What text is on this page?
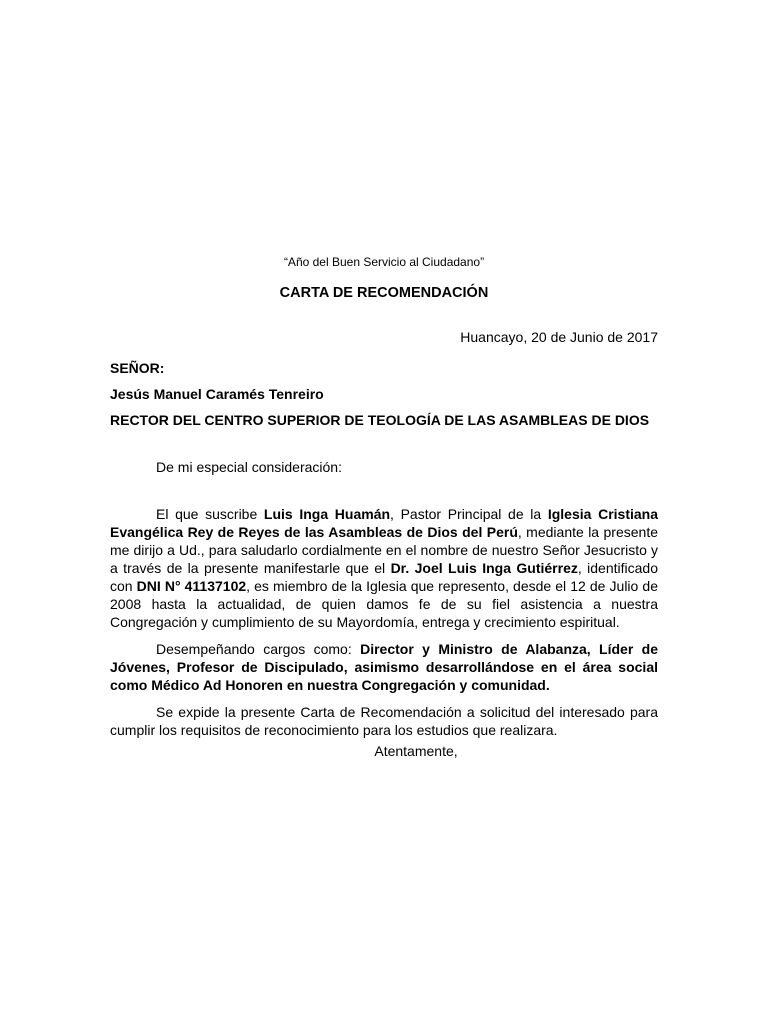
“Año del Buen Servicio al Ciudadano”

CARTA DE RECOMENDACIÓN

Huancayo, 20 de Junio de 2017

SEÑOR:

Jesús Manuel Caramés Tenreiro

RECTOR DEL CENTRO SUPERIOR DE TEOLOGÍA DE LAS ASAMBLEAS DE DIOS

De mi especial consideración:

El que suscribe Luis Inga Huamán, Pastor Principal de la Iglesia Cristiana Evangélica Rey de Reyes de las Asambleas de Dios del Perú, mediante la presente me dirijo a Ud., para saludarlo cordialmente en el nombre de nuestro Señor Jesucristo y a través de la presente manifestarle que el Dr. Joel Luis Inga Gutiérrez, identificado con DNI N° 41137102, es miembro de la Iglesia que represento, desde el 12 de Julio de 2008 hasta la actualidad, de quien damos fe de su fiel asistencia a nuestra Congregación y cumplimiento de su Mayordomía, entrega y crecimiento espiritual.

Desempeñando cargos como: Director y Ministro de Alabanza, Líder de Jóvenes, Profesor de Discipulado, asimismo desarrollándose en el área social como Médico Ad Honoren en nuestra Congregación y comunidad.

Se expide la presente Carta de Recomendación a solicitud del interesado para cumplir los requisitos de reconocimiento para los estudios que realizara.

Atentamente,
